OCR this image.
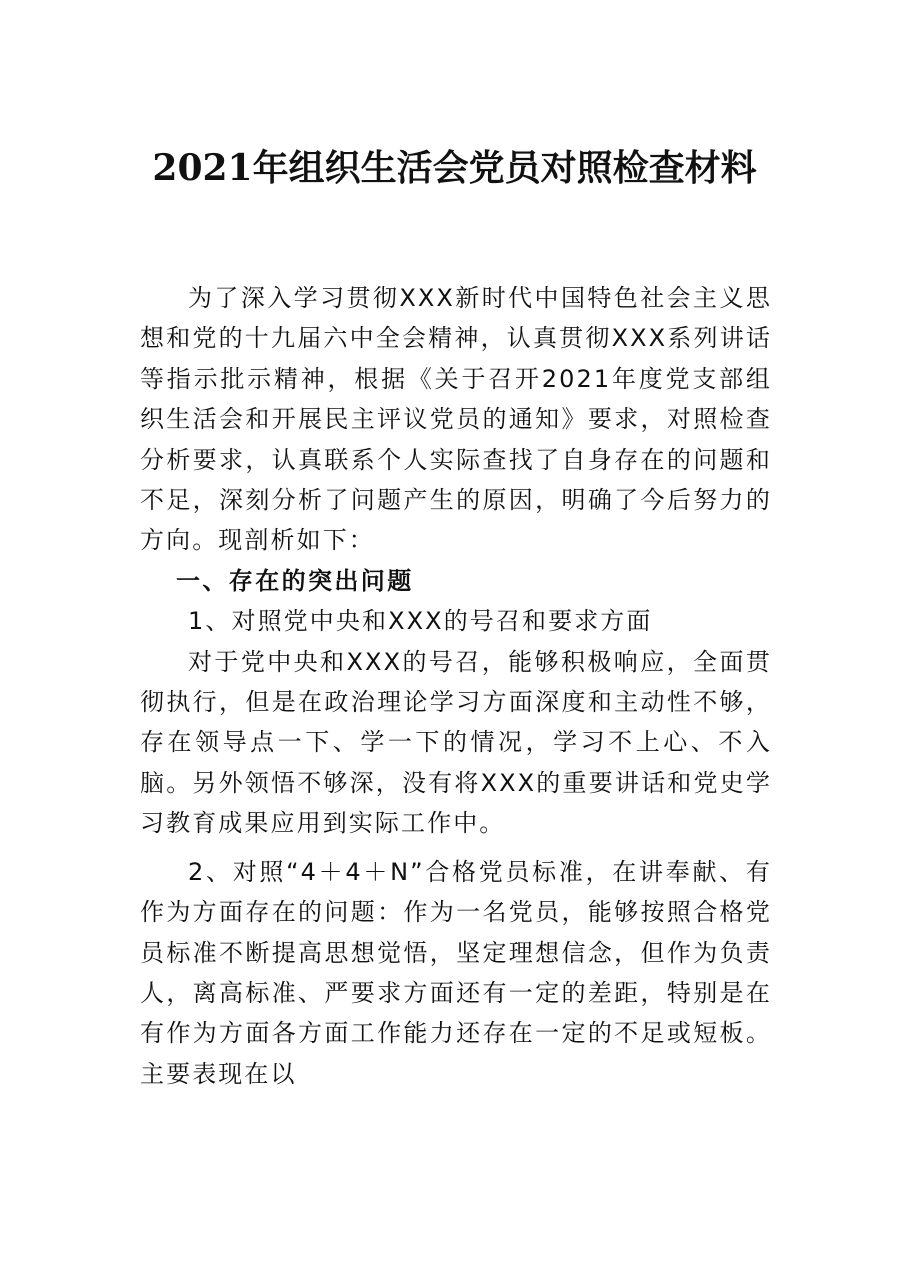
2021年组织生活会党员对照检查材料

为了深入学习贯彻XXX新时代中国特色社会主义思想和党的十九届六中全会精神，认真贯彻XXX系列讲话等指示批示精神，根据《关于召开2021年度党支部组织生活会和开展民主评议党员的通知》要求，对照检查分析要求，认真联系个人实际查找了自身存在的问题和不足，深刻分析了问题产生的原因，明确了今后努力的方向。现剖析如下：

一、存在的突出问题

1、对照党中央和XXX的号召和要求方面

对于党中央和XXX的号召，能够积极响应，全面贯彻执行，但是在政治理论学习方面深度和主动性不够，存在领导点一下、学一下的情况，学习不上心、不入脑。另外领悟不够深，没有将XXX的重要讲话和党史学习教育成果应用到实际工作中。

2、对照“4＋4＋N”合格党员标准，在讲奉献、有作为方面存在的问题：作为一名党员，能够按照合格党员标准不断提高思想觉悟，坚定理想信念，但作为负责人，离高标准、严要求方面还有一定的差距，特别是在有作为方面各方面工作能力还存在一定的不足或短板。主要表现在以
